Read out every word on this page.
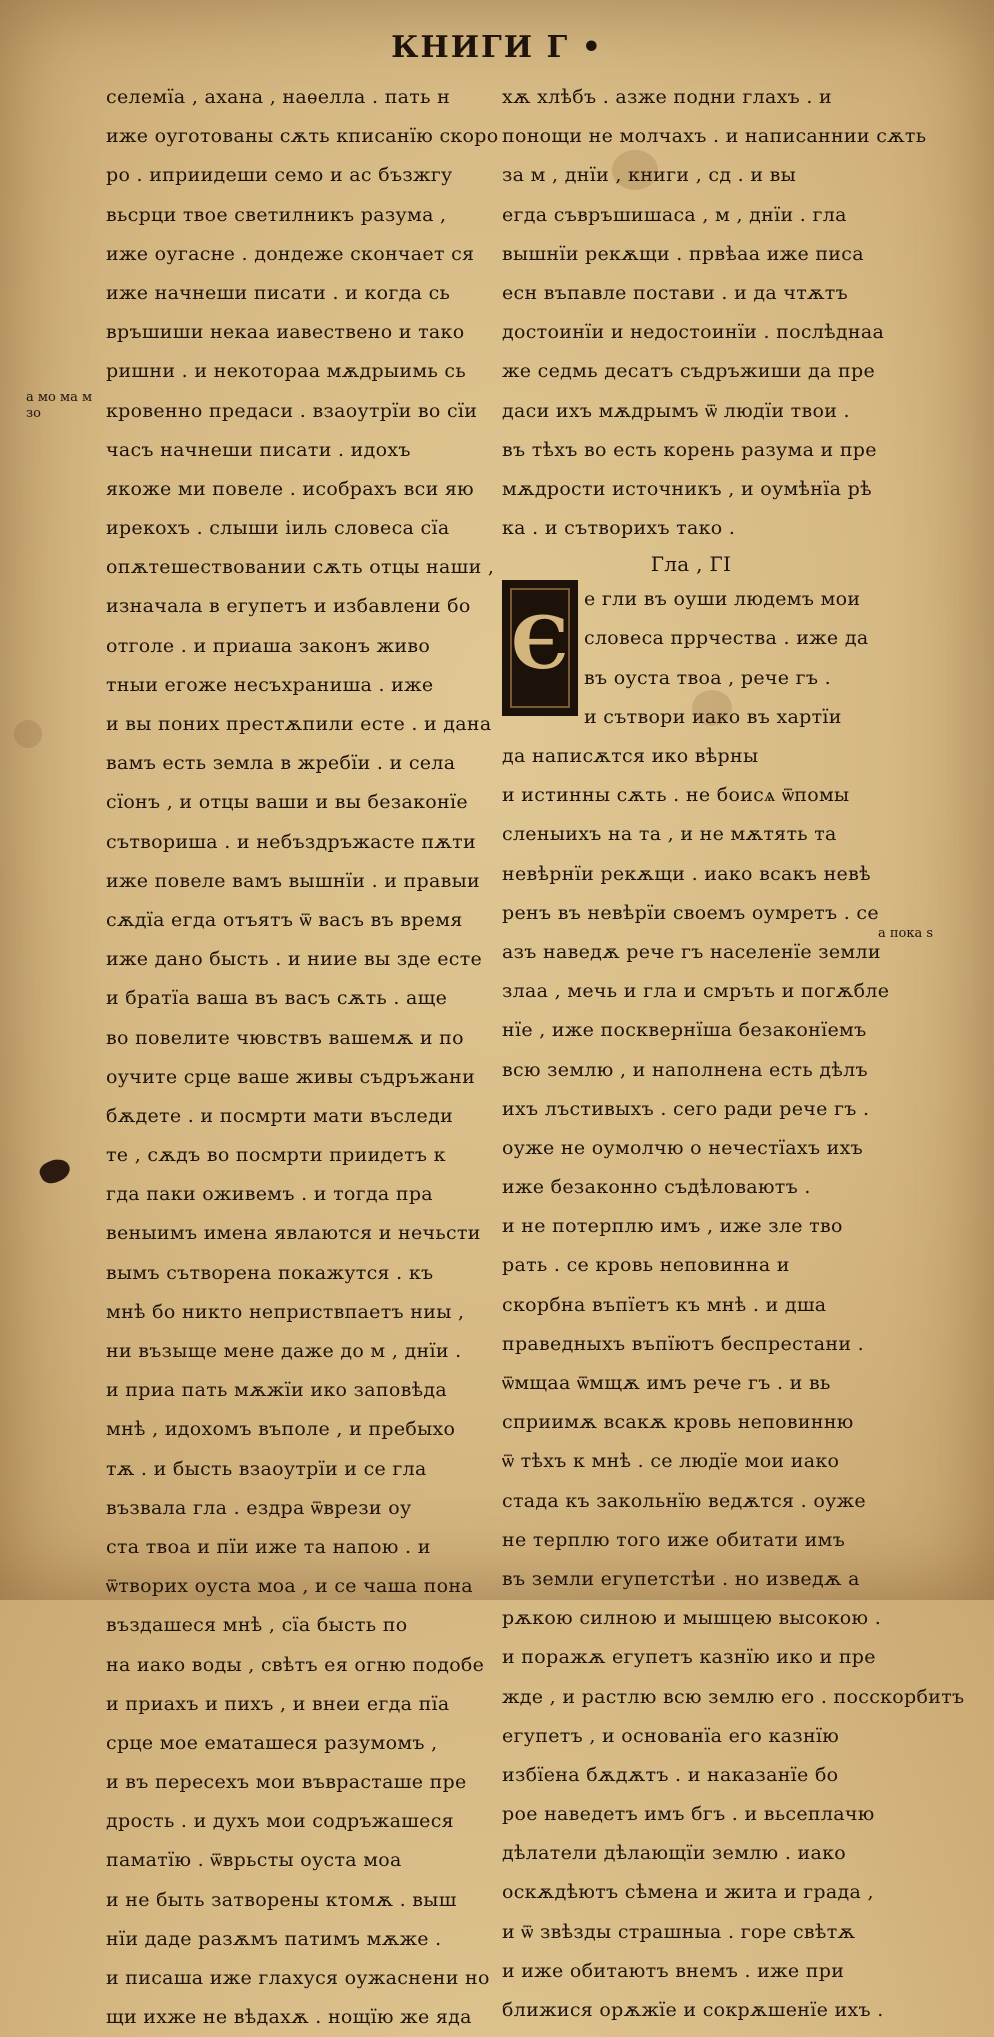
КНИГИ Г •
а мо ма м зо
а пока ѕ
селемїа , ахана , наѳелла . пать н
иже оуготованы сѫть кписанїю скоро
ро . иприидеши семо и ас бъзжгу
вьсрци твое светилникъ разума ,
иже оугасне . дондеже скончает ся
иже начнеши писати . и когда сь
връшиши некаа иавествено и тако
ришни . и некотораа мѫдрыимь сь
кровенно предаси . взаоутрїи во сїи
часъ начнеши писати . идохъ
якоже ми повеле . исобрахъ вси яю
ирекохъ . слыши іиль словеса сїа
опѫтешествовании сѫть отцы наши ,
изначала в егупетъ и избавлени бо
отголе . и приаша законъ живо
тныи егоже несъхраниша . иже
и вы поних престѫпили есте . и дана
вамъ есть земла в жребїи . и села
сїонъ , и отцы ваши и вы безаконїе
сътвориша . и небъздръжасте пѫти
иже повеле вамъ вышнїи . и правыи
сѫдїа егда отъятъ ѿ васъ въ время
иже дано бысть . и ниие вы зде есте
и братїа ваша въ васъ сѫть . аще
во повелите чювствъ вашемѫ и по
оучите срце ваше живы съдръжани
бѫдете . и посмрти мати въследи
те , сѫдъ во посмрти приидетъ к
гда паки оживемъ . и тогда пра
веныимъ имена явлаются и нечьсти
вымъ сътворена покажутся . къ
мнѣ бо никто неприствпаетъ ниы ,
ни възыще мене даже до м , днїи .
и приа пать мѫжїи ико заповѣда
мнѣ , идохомъ въполе , и пребыхо
тѫ . и бысть взаоутрїи и се гла
възвала гла . ездра ѿврези оу
ста твоа и пїи иже та напою . и
ѿтворих оуста моа , и се чаша пона
въздашеся мнѣ , сїа бысть по
на иако воды , свѣтъ ея огню подобе
и приахъ и пихъ , и внеи егда пїа
срце мое ематашеся разумомъ ,
и въ пересехъ мои въврасташе пре
дрость . и духъ мои содръжашеся
паматїю . ѿврьсты оуста моа
и не быть затворены ктомѫ . выш
нїи даде разѫмъ патимъ мѫже .
и писаша иже глахуся оужаснени но
щи ихже не вѣдахѫ . нощїю же яда
хѫ хлѣбъ . азже подни глахъ . и
понощи не молчахъ . и написаннии сѫть
за м , днїи , книги , сд . и вы
егда съвръшишаса , м , днїи . гла
вышнїи рекѫщи . првѣаа иже писа
есн въпавле постави . и да чтѫтъ
достоинїи и недостоинїи . послѣднаа
же седмь десатъ съдръжиши да пре
даси ихъ мѫдрымъ ѿ людїи твои .
въ тѣхъ во есть корень разума и пре
мѫдрости источникъ , и оумѣнїа рѣ
ка . и сътворихъ тако .
Гла , ГІ
Є
е гли въ оуши людемъ мои
словеса пррчества . иже да
въ оуста твоа , рече гъ .
и сътвори иако въ хартїи
да написѫтся ико вѣрны
и истинны сѫть . не боисѧ ѿпомы
сленыихъ на та , и не мѫтять та
невѣрнїи рекѫщи . иако всакъ невѣ
ренъ въ невѣрїи своемъ оумретъ . се
азъ наведѫ рече гъ населенїе земли
злаа , мечь и гла и смръть и погѫбле
нїе , иже посквернїша безаконїемъ
всю землю , и наполнена есть дѣлъ
ихъ лъстивыхъ . сего ради рече гъ .
оуже не оумолчю о нечестїахъ ихъ
иже безаконно съдѣловаютъ .
и не потерплю имъ , иже зле тво
рать . се кровь неповинна и
скорбна въпїетъ къ мнѣ . и дша
праведныхъ въпїютъ беспрестани .
ѿмщаа ѿмщѫ имъ рече гъ . и вь
сприимѫ всакѫ кровь неповинню
ѿ тѣхъ к мнѣ . се людїе мои иако
стада къ закольнїю ведѫтся . оуже
не терплю того иже обитати имъ
въ земли егупетстѣи . но изведѫ а
рѫкою силною и мышцею высокою .
и поражѫ егупетъ казнїю ико и пре
жде , и растлю всю землю его . посскорбитъ
егупетъ , и основанїа его казнїю
избїена бѫдѫтъ . и наказанїе бо
рое наведетъ имъ бгъ . и вьсеплачю
дѣлатели дѣлающїи землю . иако
оскѫдѣютъ сѣмена и жита и града ,
и ѿ звѣзды страшныа . горе свѣтѫ
и иже обитаютъ внемъ . иже при
ближися орѫжїе и сокрѫшенїе ихъ .
